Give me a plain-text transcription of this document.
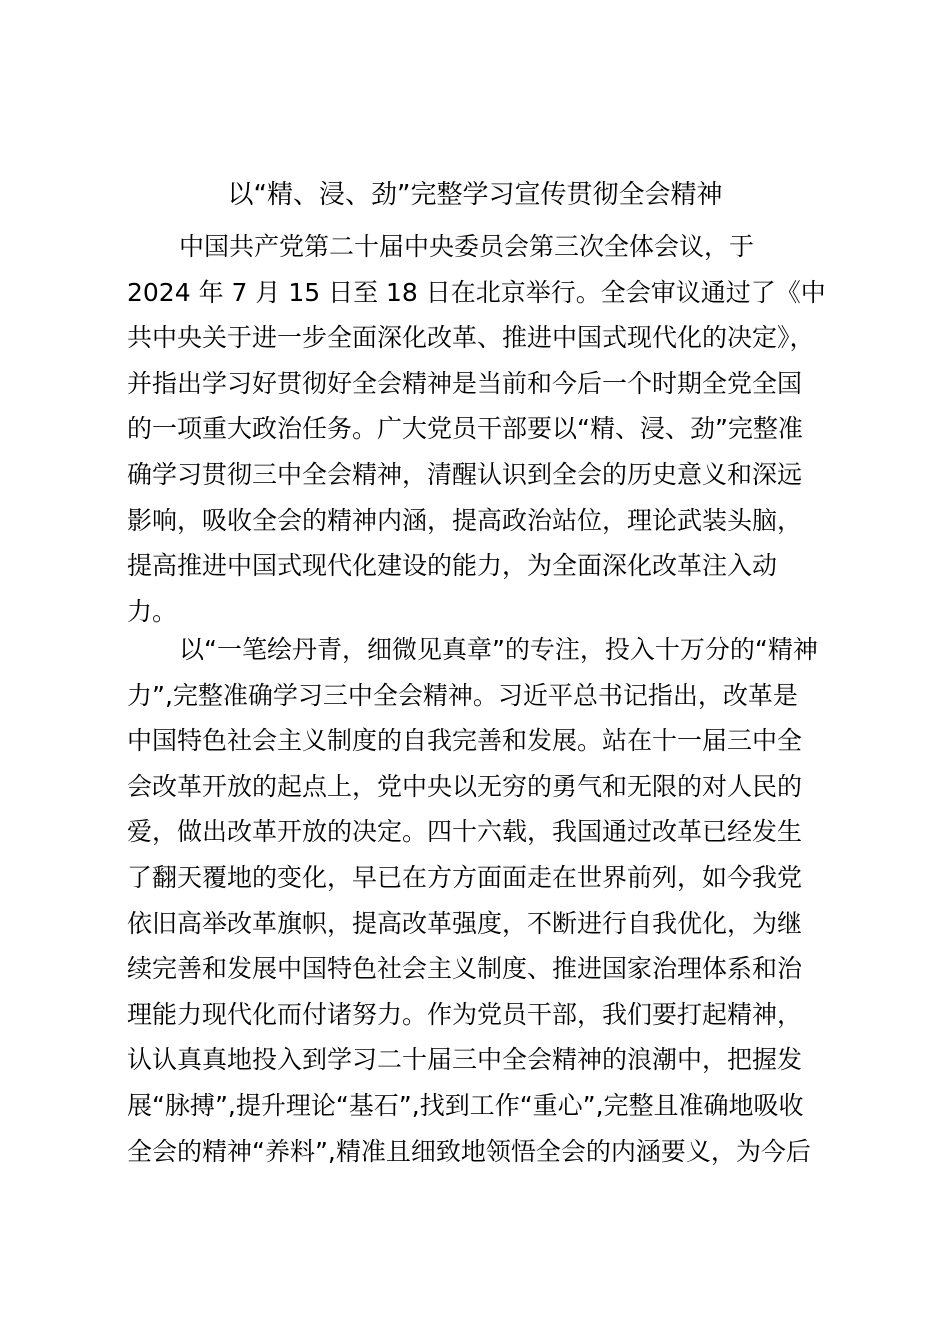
以“精、浸、劲”完整学习宣传贯彻全会精神
中国共产党第二十届中央委员会第三次全体会议，于
2024 年 7 月 15 日至 18 日在北京举行。全会审议通过了《中
共中央关于进一步全面深化改革、推进中国式现代化的决定》，
并指出学习好贯彻好全会精神是当前和今后一个时期全党全国
的一项重大政治任务。广大党员干部要以“精、浸、劲”完整准
确学习贯彻三中全会精神，清醒认识到全会的历史意义和深远
影响，吸收全会的精神内涵，提高政治站位，理论武装头脑，
提高推进中国式现代化建设的能力，为全面深化改革注入动
力。
以“一笔绘丹青，细微见真章”的专注，投入十万分的“精神
力”,完整准确学习三中全会精神。习近平总书记指出，改革是
中国特色社会主义制度的自我完善和发展。站在十一届三中全
会改革开放的起点上，党中央以无穷的勇气和无限的对人民的
爱，做出改革开放的决定。四十六载，我国通过改革已经发生
了翻天覆地的变化，早已在方方面面走在世界前列，如今我党
依旧高举改革旗帜，提高改革强度，不断进行自我优化，为继
续完善和发展中国特色社会主义制度、推进国家治理体系和治
理能力现代化而付诸努力。作为党员干部，我们要打起精神，
认认真真地投入到学习二十届三中全会精神的浪潮中，把握发
展“脉搏”,提升理论“基石”,找到工作“重心”,完整且准确地吸收
全会的精神“养料”,精准且细致地领悟全会的内涵要义，为今后
